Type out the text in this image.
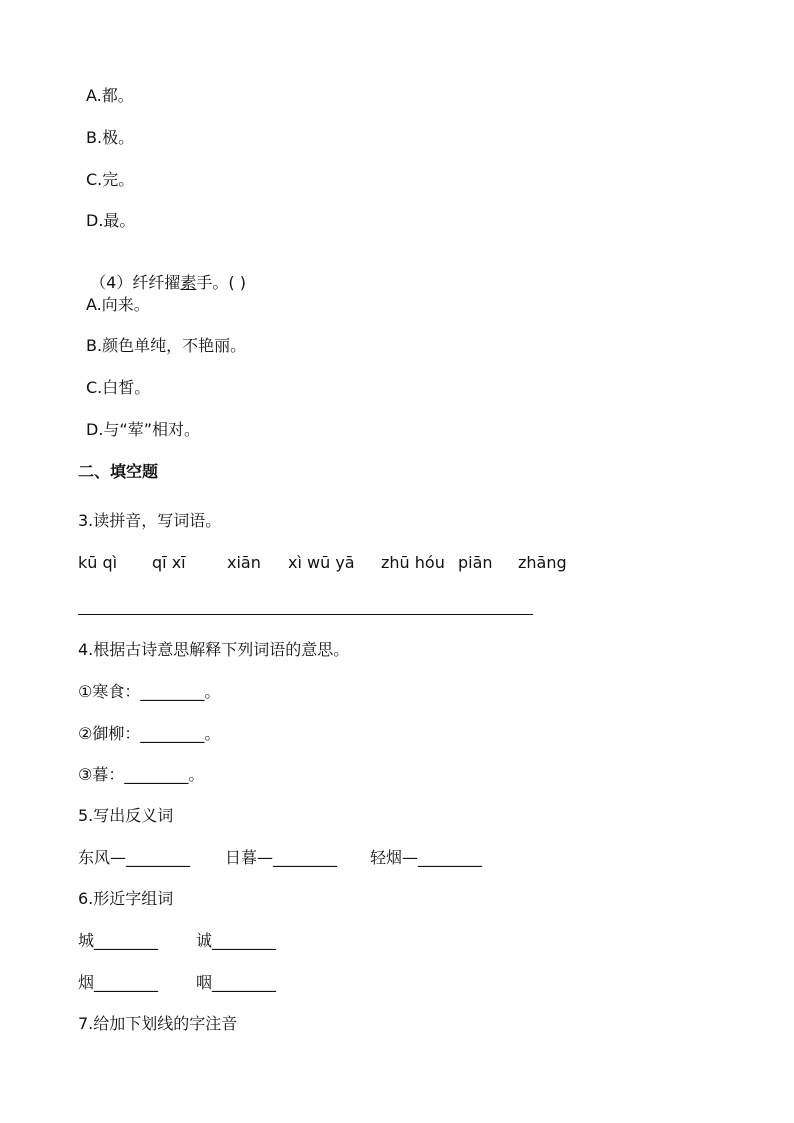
A.都。
B.极。
C.完。
D.最。

（4）纤纤擢素手。( )

A.向来。
B.颜色单纯，不艳丽。
C.白皙。
D.与“荤”相对。
二、填空题
3.读拼音，写词语。

kū qì

qī xī

	xiān

xì wū yā

zhū hóu

piān

zhāng

4.根据古诗意思解释下列词语的意思。
①寒食：________。
②御柳：________。
③暮：________。
5.写出反义词
东风—________ 日暮—________ 轻烟—________
6.形近字组词
城________ 诚________
烟________ 咽________
7.给加下划线的字注音
